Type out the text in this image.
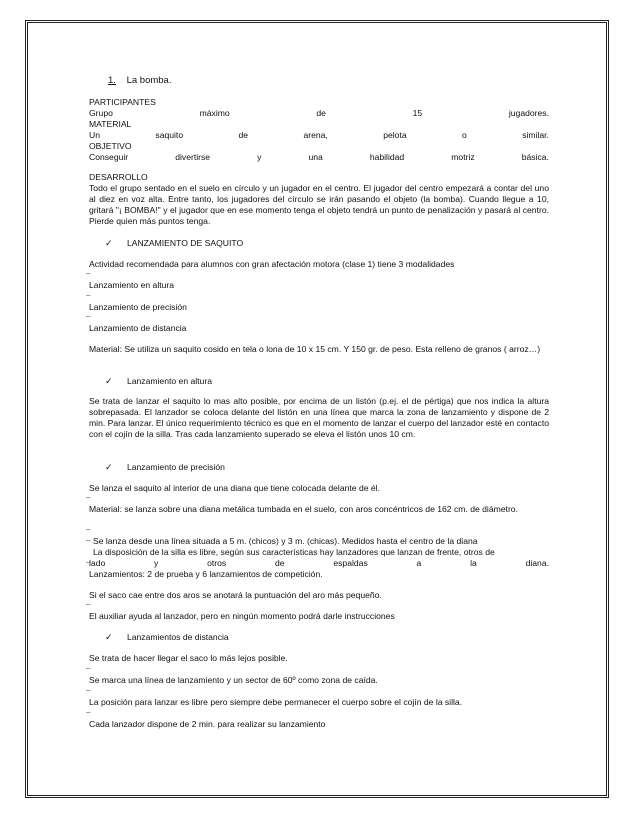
1. La bomba.
PARTICIPANTES
Grupo	máximo	de	15	jugadores.
MATERIAL
Un	saquito	de	arena,	pelota	o	similar.
OBJETIVO
Conseguir	divertirse	y	una	habilidad	motriz	básica.
DESARROLLO
Todo el grupo sentado en el suelo en círculo y un jugador en el centro. El jugador del centro empezará a contar del uno al diez en voz alta. Entre tanto, los jugadores del círculo se irán pasando el objeto (la bomba). Cuando llegue a 10, gritará "¡ BOMBA!" y el jugador que en ese momento tenga el objeto tendrá un punto de penalización y pasará al centro. Pierde quien más puntos tenga.
✓ LANZAMIENTO DE SAQUITO
Actividad recomendada para alumnos con gran afectación motora (clase 1) tiene 3 modalidades
¯
Lanzamiento en altura
¯
Lanzamiento de precisión
¯
Lanzamiento de distancia
Material: Se utiliza un saquito cosido en tela o lona de 10 x 15 cm. Y 150 gr. de peso. Esta relleno de granos ( arroz…)
✓ Lanzamiento en altura
Se trata de lanzar el saquito lo mas alto posible, por encima de un listón (p.ej. el de pértiga) que nos indica la altura sobrepasada. El lanzador se coloca delante del listón en una línea que marca la zona de lanzamiento y dispone de 2 min. Para lanzar. El único requerimiento técnico es que en el momento de lanzar el cuerpo del lanzador esté en contacto con el cojín de la silla. Tras cada lanzamiento superado se eleva el listón unos 10 cm.
✓ Lanzamiento de precisión
Se lanza el saquito al interior de una diana que tiene colocada delante de él.
¯
Material: se lanza sobre una diana metálica tumbada en el suelo, con aros concéntricos de 162 cm. de diámetro.
¯
Se lanza desde una línea situada a 5 m. (chicos) y 3 m. (chicas). Medidos hasta el centro de la diana
¯
La disposición de la silla es libre, según sus características hay lanzadores que lanzan de frente, otros de
lado	y	otros	de	espaldas	a	la	diana.
¯
Lanzamientos: 2 de prueba y 6 lanzamientos de competición.
Si el saco cae entre dos aros se anotará la puntuación del aro más pequeño.
¯
El auxiliar ayuda al lanzador, pero en ningún momento podrá darle instrucciones
✓ Lanzamientos de distancia
Se trata de hacer llegar el saco lo más lejos posible.
¯
Se marca una línea de lanzamiento y un sector de 60º como zona de caída.
¯
La posición para lanzar es libre pero siempre debe permanecer el cuerpo sobre el cojín de la silla.
¯
Cada lanzador dispone de 2 min. para realizar su lanzamiento
